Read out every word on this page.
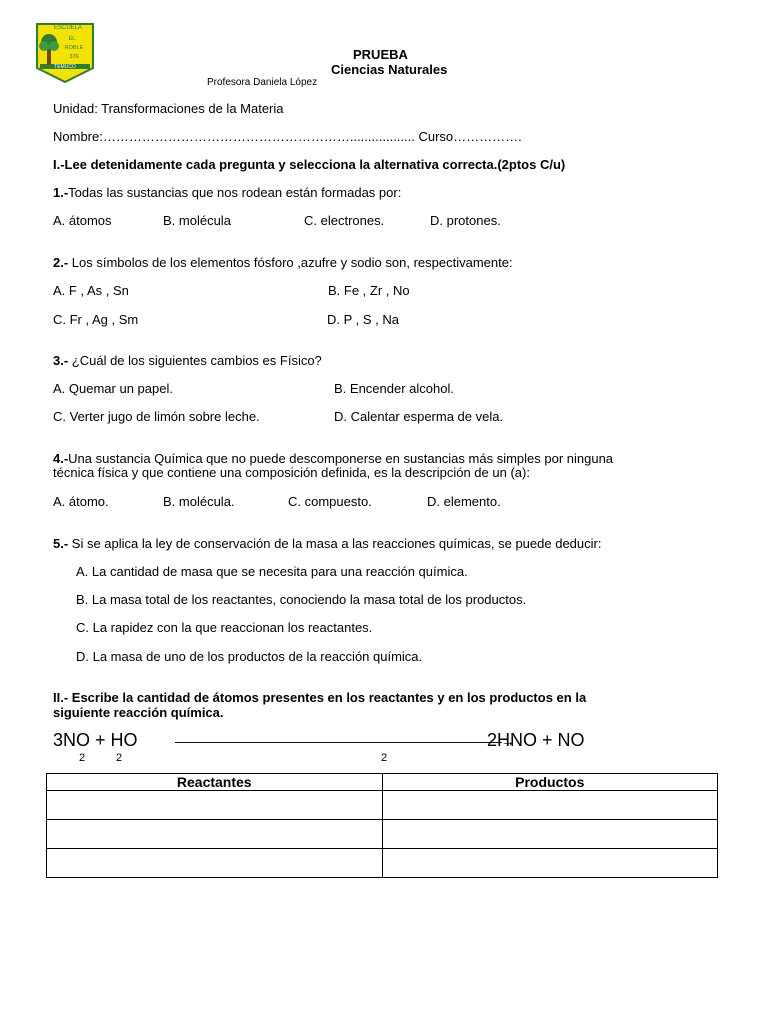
ESCUELA
EL
ROBLE
376
TEMUCO
PRUEBA
Ciencias Naturales
Profesora Daniela López
Unidad: Transformaciones de la Materia
Nombre:………………………………………………….................. Curso…………….
I.-Lee detenidamente cada pregunta y selecciona la alternativa correcta.(2ptos C/u)
1.-Todas las sustancias que nos rodean están formadas por:
A. átomos	B. molécula	C. electrones.	D. protones.
2.- Los símbolos de los elementos fósforo ,azufre y sodio son, respectivamente:
A. F , As , Sn	B. Fe , Zr , No
C. Fr , Ag , Sm	D. P , S , Na
3.- ¿Cuál de los siguientes cambios es Físico?
A. Quemar un papel.	B. Encender alcohol.
C. Verter jugo de limón sobre leche.	D. Calentar esperma de vela.
4.-Una sustancia Química que no puede descomponerse en sustancias más simples por ninguna
técnica física y que contiene una composición definida, es la descripción de un (a):
A. átomo.	B. molécula.	C. compuesto.	D. elemento.
5.- Si se aplica la ley de conservación de la masa a las reacciones químicas, se puede deducir:
A. La cantidad de masa que se necesita para una reacción química.
B. La masa total de los reactantes, conociendo la masa total de los productos.
C. La rapidez con la que reaccionan los reactantes.
D. La masa de uno de los productos de la reacción química.
II.- Escribe la cantidad de átomos presentes en los reactantes y en los productos en la
siguiente reacción química.
3NO + HO	––––––––––––––––––––––––––––––––––––––––––––––––→
2HNO + NO
2	2	2
Reactantes	Productos
